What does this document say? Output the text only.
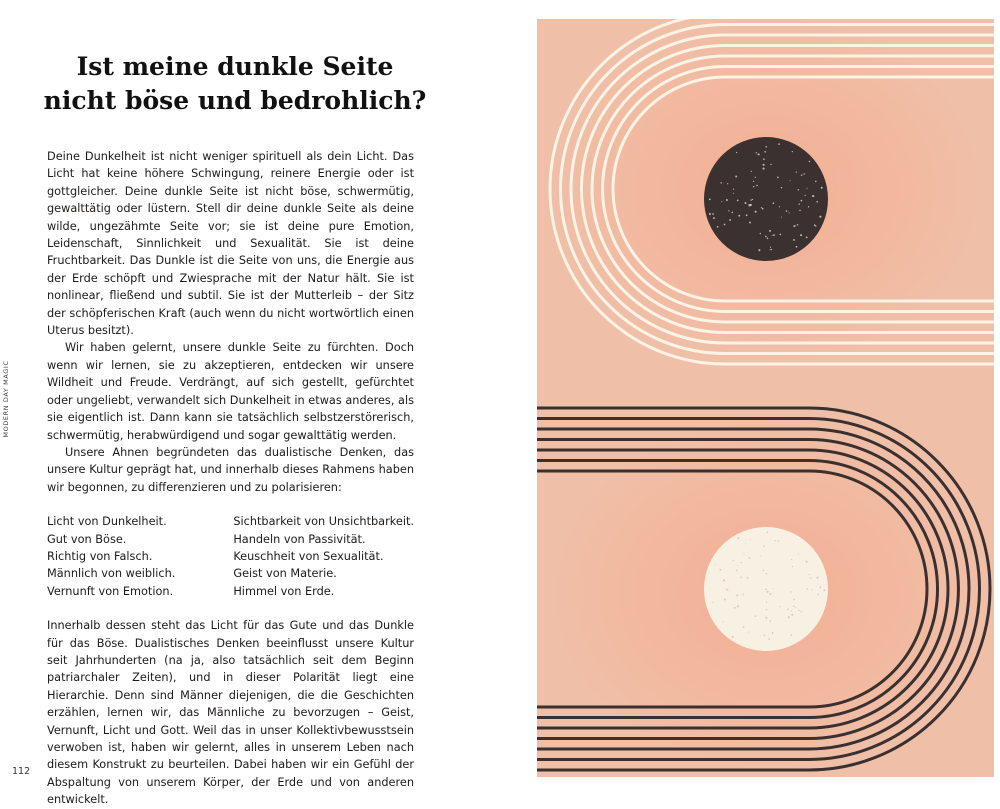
Ist meine dunkle Seite nicht böse und bedrohlich?

Deine Dunkelheit ist nicht weniger spirituell als dein Licht. Das Licht hat keine höhere Schwingung, reinere Energie oder ist gottgleicher. Deine dunkle Seite ist nicht böse, schwermütig, gewalttätig oder lüstern. Stell dir deine dunkle Seite als deine wilde, ungezähmte Seite vor; sie ist deine pure Emotion, Leidenschaft, Sinnlichkeit und Sexualität. Sie ist deine Fruchtbarkeit. Das Dunkle ist die Seite von uns, die Energie aus der Erde schöpft und Zwiesprache mit der Natur hält. Sie ist nonlinear, fließend und subtil. Sie ist der Mutterleib – der Sitz der schöpferischen Kraft (auch wenn du nicht wortwörtlich einen Uterus besitzt).

Wir haben gelernt, unsere dunkle Seite zu fürchten. Doch wenn wir lernen, sie zu akzeptieren, entdecken wir unsere Wildheit und Freude. Verdrängt, auf sich gestellt, gefürchtet oder ungeliebt, verwandelt sich Dunkelheit in etwas anderes, als sie eigentlich ist. Dann kann sie tatsächlich selbstzerstörerisch, schwermütig, herabwürdigend und sogar gewalttätig werden.

Unsere Ahnen begründeten das dualistische Denken, das unsere Kultur geprägt hat, und innerhalb dieses Rahmens haben wir begonnen, zu differenzieren und zu polarisieren:

Licht von Dunkelheit.
Gut von Böse.
Richtig von Falsch.
Männlich von weiblich.
Vernunft von Emotion.
Sichtbarkeit von Unsichtbarkeit.
Handeln von Passivität.
Keuschheit von Sexualität.
Geist von Materie.
Himmel von Erde.

Innerhalb dessen steht das Licht für das Gute und das Dunkle für das Böse. Dualistisches Denken beeinflusst unsere Kultur seit Jahrhunderten (na ja, also tatsächlich seit dem Beginn patriarchaler Zeiten), und in dieser Polarität liegt eine Hierarchie. Denn sind Männer diejenigen, die die Geschichten erzählen, lernen wir, das Männliche zu bevorzugen – Geist, Vernunft, Licht und Gott. Weil das in unser Kollektivbewusstsein verwoben ist, haben wir gelernt, alles in unserem Leben nach diesem Konstrukt zu beurteilen. Dabei haben wir ein Gefühl der Abspaltung von unserem Körper, der Erde und von anderen entwickelt.

MODERN DAY MAGIC
112
